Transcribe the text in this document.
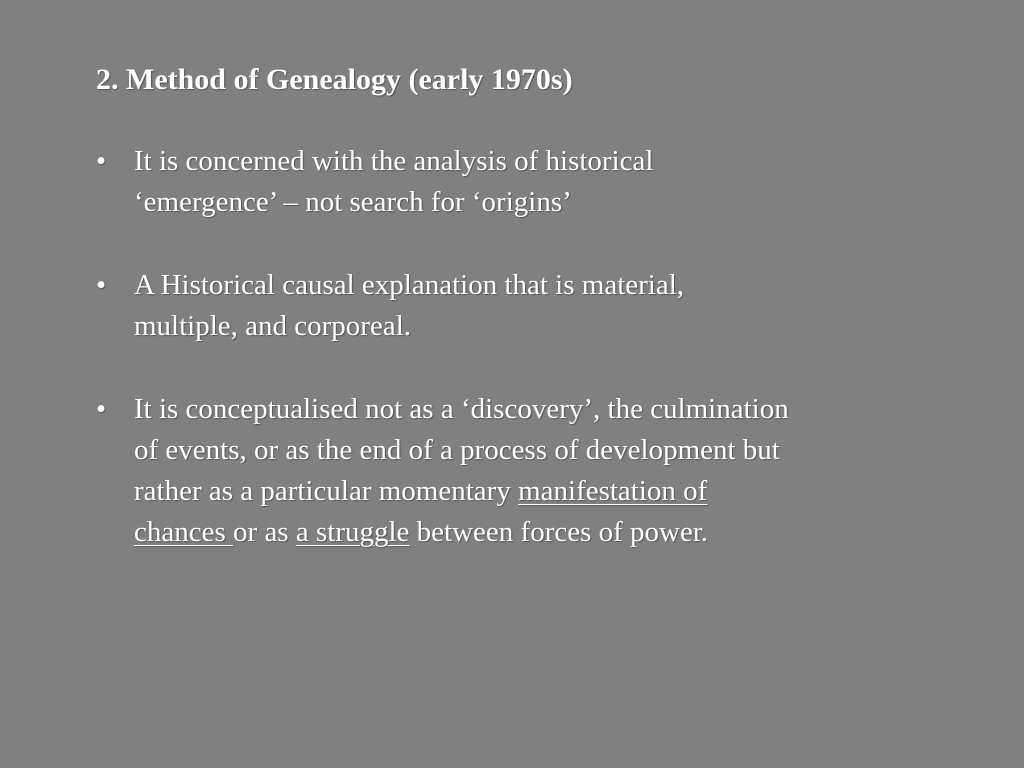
2. Method of Genealogy (early 1970s)
• It is concerned with the analysis of historical
‘emergence’ – not search for ‘origins’
• A Historical causal explanation that is material,
multiple, and corporeal.
• It is conceptualised not as a ‘discovery’, the culmination
of events, or as the end of a process of development but
rather as a particular momentary manifestation of
chances or as a struggle between forces of power.
